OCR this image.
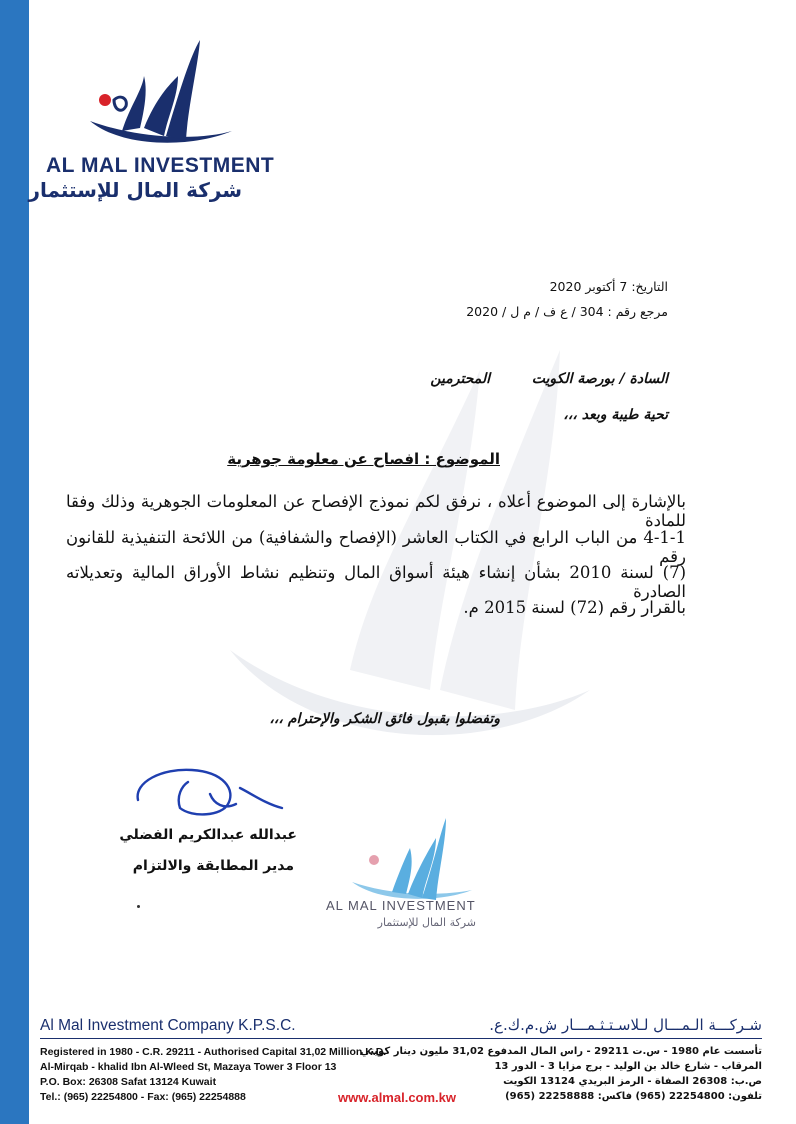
AL MAL INVESTMENT
شركة المال للإستثمار
التاريخ: 7 أكتوبر 2020
مرجع رقم : 304 / ع ف / م ل / 2020
السادة / بورصة الكويت
المحترمين
تحية طيبة وبعد ،،،
الموضوع : افصاح عن معلومة جوهرية
بالإشارة إلى الموضوع أعلاه ، نرفق لكم نموذج الإفصاح عن المعلومات الجوهرية وذلك وفقا للمادة
4-1-1 من الباب الرابع في الكتاب العاشر (الإفصاح والشفافية) من اللائحة التنفيذية للقانون رقم
(7) لسنة 2010 بشأن إنشاء هيئة أسواق المال وتنظيم نشاط الأوراق المالية وتعديلاته الصادرة
بالقرار رقم (72) لسنة 2015 م.
وتفضلوا بقبول فائق الشكر والإحترام ،،،
عبدالله عبدالكريم الفضلي
مدير المطابقة والالتزام
AL MAL INVESTMENT
شركة المال للإستثمار
Al Mal Investment Company K.P.S.C.	شـركـــة الـمـــال لـلاسـتـثـمـــار ش.م.ك.ع.
Registered in 1980 - C.R. 29211 - Authorised Capital 31,02 Million K.D.
Al-Mirqab - khalid Ibn Al-Wleed St, Mazaya Tower 3 Floor 13
P.O. Box: 26308 Safat 13124 Kuwait
Tel.: (965) 22254800 - Fax: (965) 22254888
تأسست عام 1980 - س.ت 29211 - راس المال المدفوع 31,02 مليون دينار كويتي
المرقاب - شارع خالد بن الوليد - برج مزايا 3 - الدور 13
ص.ب: 26308 الصفاة - الرمز البريدي 13124 الكويت
تلفون: 22254800 (965) فاكس: 22258888 (965)
www.almal.com.kw
